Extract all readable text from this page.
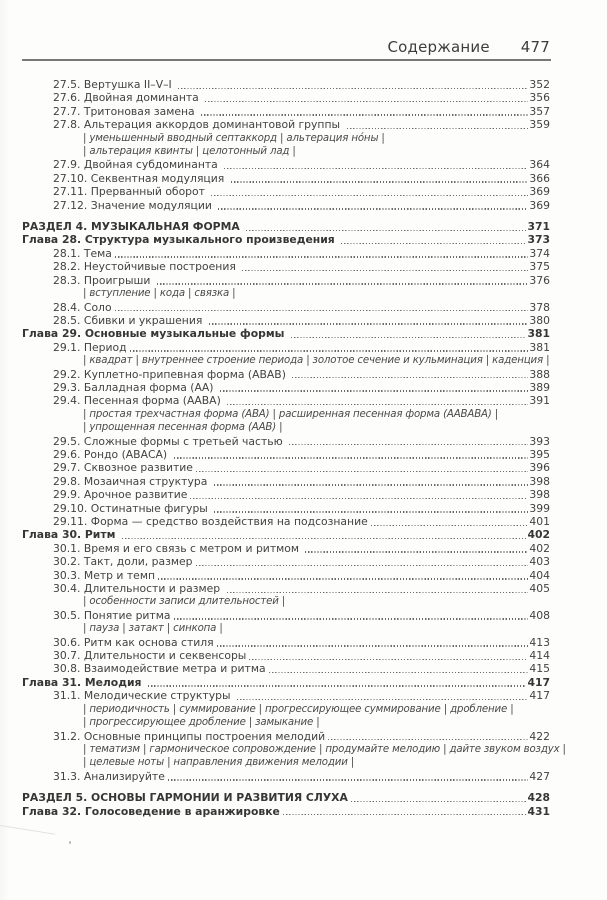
Содержание 477
27.5. Вертушка II–V–I	352
27.6. Двойная доминанта	356
27.7. Тритоновая замена	357
27.8. Альтерация аккордов доминантовой группы	359
| уменьшенный вводный септаккорд | альтерация нóны |
| альтерация квинты | целотонный лад |
27.9. Двойная субдоминанта	364
27.10. Секвентная модуляция	366
27.11. Прерванный оборот	369
27.12. Значение модуляции	369
РАЗДЕЛ 4. МУЗЫКАЛЬНАЯ ФОРМА	371
Глава 28. Структура музыкального произведения	373
28.1. Тема	374
28.2. Неустойчивые построения	375
28.3. Проигрыши	376
| вступление | кода | связка |
28.4. Соло	378
28.5. Сбивки и украшения	380
Глава 29. Основные музыкальные формы	381
29.1. Период	381
| квадрат | внутреннее строение периода | золотое сечение и кульминация | каденция |
29.2. Куплетно-припевная форма (ABAB)	388
29.3. Балладная форма (АА)	389
29.4. Песенная форма (ААВА)	391
| простая трехчастная форма (АВА) | расширенная песенная форма (ААВАВА) |
| упрощенная песенная форма (ААВ) |
29.5. Сложные формы с третьей частью	393
29.6. Рондо (АВАСА)	395
29.7. Сквозное развитие	396
29.8. Мозаичная структура	398
29.9. Арочное развитие	398
29.10. Остинатные фигуры	399
29.11. Форма — средство воздействия на подсознание	401
Глава 30. Ритм	402
30.1. Время и его связь с метром и ритмом	402
30.2. Такт, доли, размер	403
30.3. Метр и темп	404
30.4. Длительности и размер	405
| особенности записи длительностей |
30.5. Понятие ритма	408
| пауза | затакт | синкопа |
30.6. Ритм как основа стиля	413
30.7. Длительности и секвенсоры	414
30.8. Взаимодействие метра и ритма	415
Глава 31. Мелодия	417
31.1. Мелодические структуры	417
| периодичность | суммирование | прогрессирующее суммирование | дробление |
| прогрессирующее дробление | замыкание |
31.2. Основные принципы построения мелодий	422
| тематизм | гармоническое сопровождение | продумайте мелодию | дайте звуком воздух |
| целевые ноты | направления движения мелодии |
31.3. Анализируйте	427
РАЗДЕЛ 5. ОСНОВЫ ГАРМОНИИ И РАЗВИТИЯ СЛУХА	428
Глава 32. Голосоведение в аранжировке	431
